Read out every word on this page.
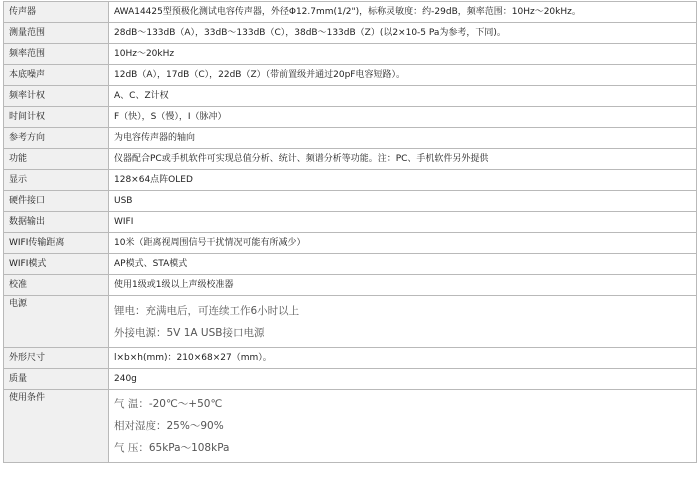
传声器	AWA14425型预极化测试电容传声器，外径Φ12.7mm(1/2")，标称灵敏度：约-29dB，频率范围：10Hz～20kHz。
测量范围	28dB～133dB（A），33dB～133dB（C），38dB～133dB（Z）(以2×10-5 Pa为参考，下同)。
频率范围	10Hz～20kHz
本底噪声	12dB（A），17dB（C），22dB（Z）（带前置级并通过20pF电容短路）。
频率计权	A、C、Z计权
时间计权	F（快），S（慢），I（脉冲）
参考方向	为电容传声器的轴向
功能	仪器配合PC或手机软件可实现总值分析、统计、频谱分析等功能。注：PC、手机软件另外提供
显示	128×64点阵OLED
硬件接口	USB
数据输出	WIFI
WIFI传输距离	10米（距离视周围信号干扰情况可能有所减少）
WIFI模式	AP模式、STA模式
校准	使用1级或1级以上声级校准器
电源	锂电：充满电后，可连续工作6小时以上
外接电源：5V 1A USB接口电源

外形尺寸	l×b×h(mm)：210×68×27（mm）。
质量	240g
使用条件	气 温：-20℃～+50℃
相对湿度：25%～90%
气 压：65kPa～108kPa
